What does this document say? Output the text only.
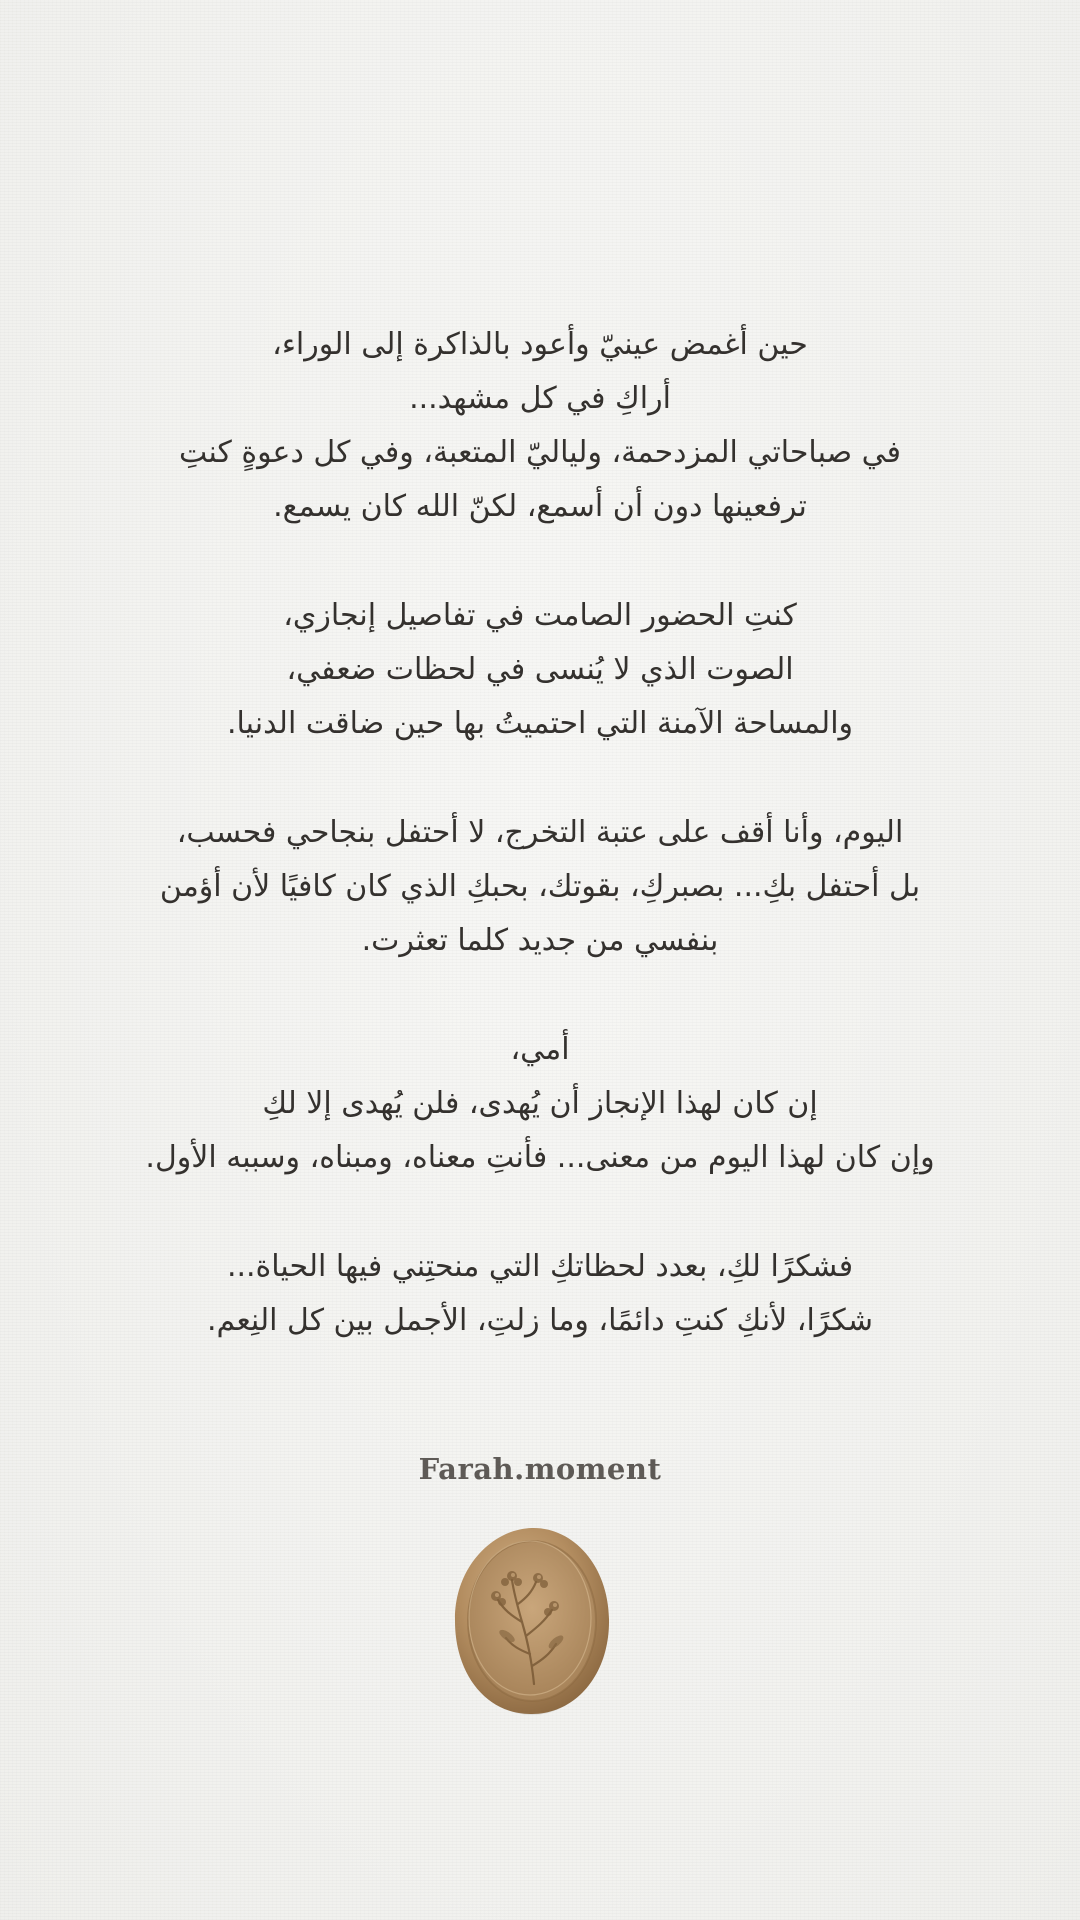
حين أغمض عينيّ وأعود بالذاكرة إلى الوراء،
أراكِ في كل مشهد...
في صباحاتي المزدحمة، ولياليّ المتعبة، وفي كل دعوةٍ كنتِ
ترفعينها دون أن أسمع، لكنّ الله كان يسمع.
كنتِ الحضور الصامت في تفاصيل إنجازي،
الصوت الذي لا يُنسى في لحظات ضعفي،
والمساحة الآمنة التي احتميتُ بها حين ضاقت الدنيا.
اليوم، وأنا أقف على عتبة التخرج، لا أحتفل بنجاحي فحسب،
بل أحتفل بكِ... بصبركِ، بقوتك، بحبكِ الذي كان كافيًا لأن أؤمن
بنفسي من جديد كلما تعثرت.
أمي،
إن كان لهذا الإنجاز أن يُهدى، فلن يُهدى إلا لكِ
وإن كان لهذا اليوم من معنى... فأنتِ معناه، ومبناه، وسببه الأول.
فشكرًا لكِ، بعدد لحظاتكِ التي منحتِني فيها الحياة...
شكرًا، لأنكِ كنتِ دائمًا، وما زلتِ، الأجمل بين كل النِعم.
Farah.moment
